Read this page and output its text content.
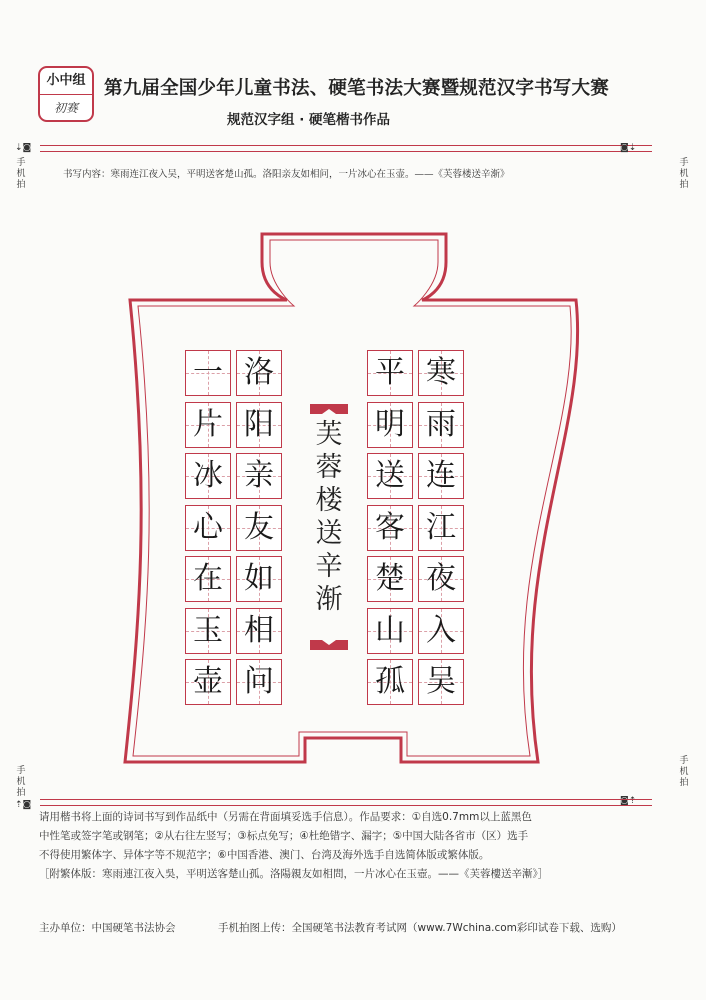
小中组
初赛
第九届全国少年儿童书法、硬笔书法大赛暨规范汉字书写大赛
规范汉字组 · 硬笔楷书作品
⇣◙	◙⇣
手机拍
手机拍
书写内容：寒雨连江夜入吴，平明送客楚山孤。洛阳亲友如相问，一片冰心在玉壶。——《芙蓉楼送辛渐》
芙蓉楼送辛渐
寒
雨
连
江
夜
入
吴
平
明
送
客
楚
山
孤
洛
阳
亲
友
如
相
问
一
片
冰
心
在
玉
壶
手机拍
手机拍
⇡◙	◙⇡

请用楷书将上面的诗词书写到作品纸中（另需在背面填妥选手信息）。作品要求：①自选0.7mm以上蓝黑色

中性笔或签字笔或钢笔；②从右往左竖写；③标点免写；④杜绝错字、漏字；⑤中国大陆各省市（区）选手

不得使用繁体字、异体字等不规范字；⑥中国香港、澳门、台湾及海外选手自选简体版或繁体版。

［附繁体版：寒雨連江夜入吳，平明送客楚山孤。洛陽親友如相問，一片冰心在玉壺。——《芙蓉樓送辛漸》］

主办单位：中国硬笔书法协会	手机拍图上传：全国硬笔书法教育考试网（www.7Wchina.com彩印试卷下载、选购）
